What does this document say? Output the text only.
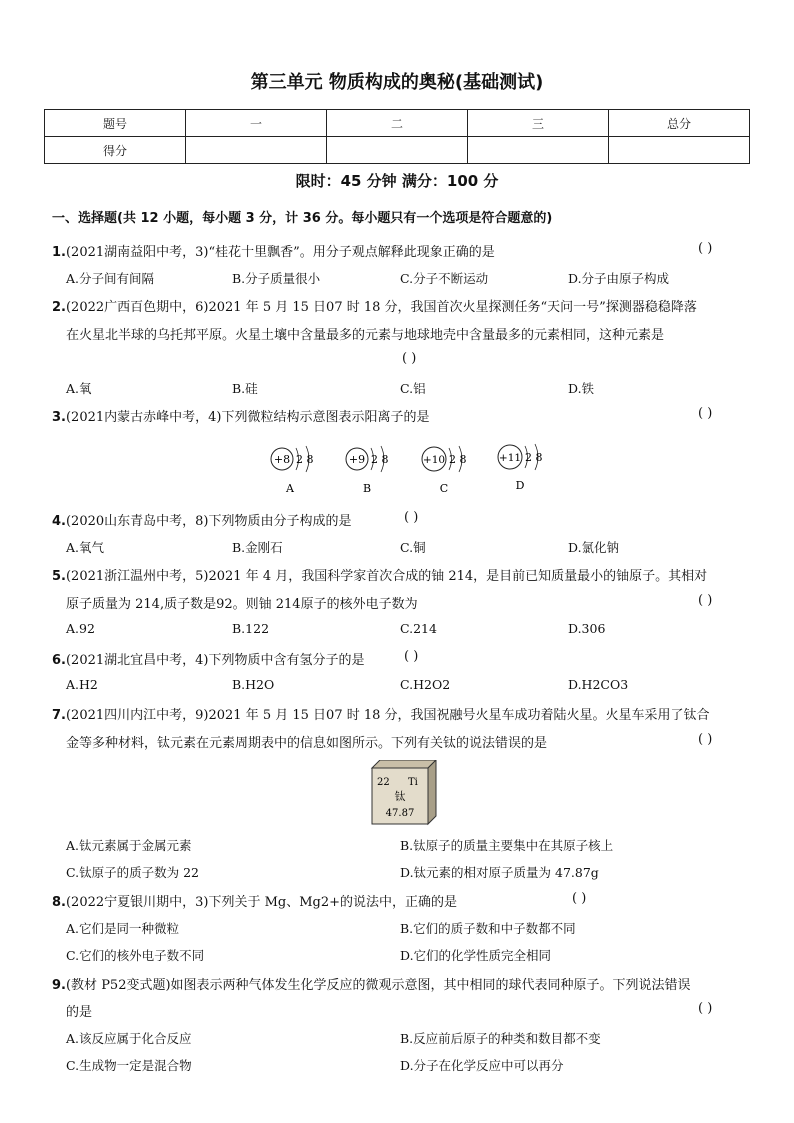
第三单元 物质构成的奥秘(基础测试)
题号	一	二	三	总分
得分				
限时：45 分钟 满分：100 分
一、选择题(共 12 小题，每小题 3 分，计 36 分。每小题只有一个选项是符合题意的)
1.(2021湖南益阳中考，3)“桂花十里飘香”。用分子观点解释此现象正确的是	( )
A.分子间有间隔	B.分子质量很小	C.分子不断运动	D.分子由原子构成
2.(2022广西百色期中，6)2021 年 5 月 15 日07 时 18 分，我国首次火星探测任务“天问一号”探测器稳稳降落
在火星北半球的乌托邦平原。火星土壤中含量最多的元素与地球地壳中含量最多的元素相同，这种元素是
( )
A.氧	B.硅	C.铝	D.铁
3.(2021内蒙古赤峰中考，4)下列微粒结构示意图表示阳离子的是	( )
+8 2 8
A
+9 2 8
B
+10 2 8
C
+11 2 8
D
4.(2020山东青岛中考，8)下列物质由分子构成的是	( )
A.氧气	B.金刚石	C.铜	D.氯化钠
5.(2021浙江温州中考，5)2021 年 4 月，我国科学家首次合成的铀 214，是目前已知质量最小的铀原子。其相对
原子质量为 214,质子数是92。则铀 214原子的核外电子数为	( )
A.92	B.122	C.214	D.306
6.(2021湖北宜昌中考，4)下列物质中含有氢分子的是	( )
A.H2	B.H2O	C.H2O2	D.H2CO3
7.(2021四川内江中考，9)2021 年 5 月 15 日07 时 18 分，我国祝融号火星车成功着陆火星。火星车采用了钛合
金等多种材料，钛元素在元素周期表中的信息如图所示。下列有关钛的说法错误的是	( )
22 Ti
钛
47.87
A.钛元素属于金属元素	B.钛原子的质量主要集中在其原子核上
C.钛原子的质子数为 22	D.钛元素的相对原子质量为 47.87g
8.(2022宁夏银川期中，3)下列关于 Mg、Mg2+的说法中，正确的是	( )
A.它们是同一种微粒	B.它们的质子数和中子数都不同
C.它们的核外电子数不同	D.它们的化学性质完全相同
9.(教材 P52变式题)如图表示两种气体发生化学反应的微观示意图，其中相同的球代表同种原子。下列说法错误
的是	( )
A.该反应属于化合反应	B.反应前后原子的种类和数目都不变
C.生成物一定是混合物	D.分子在化学反应中可以再分
